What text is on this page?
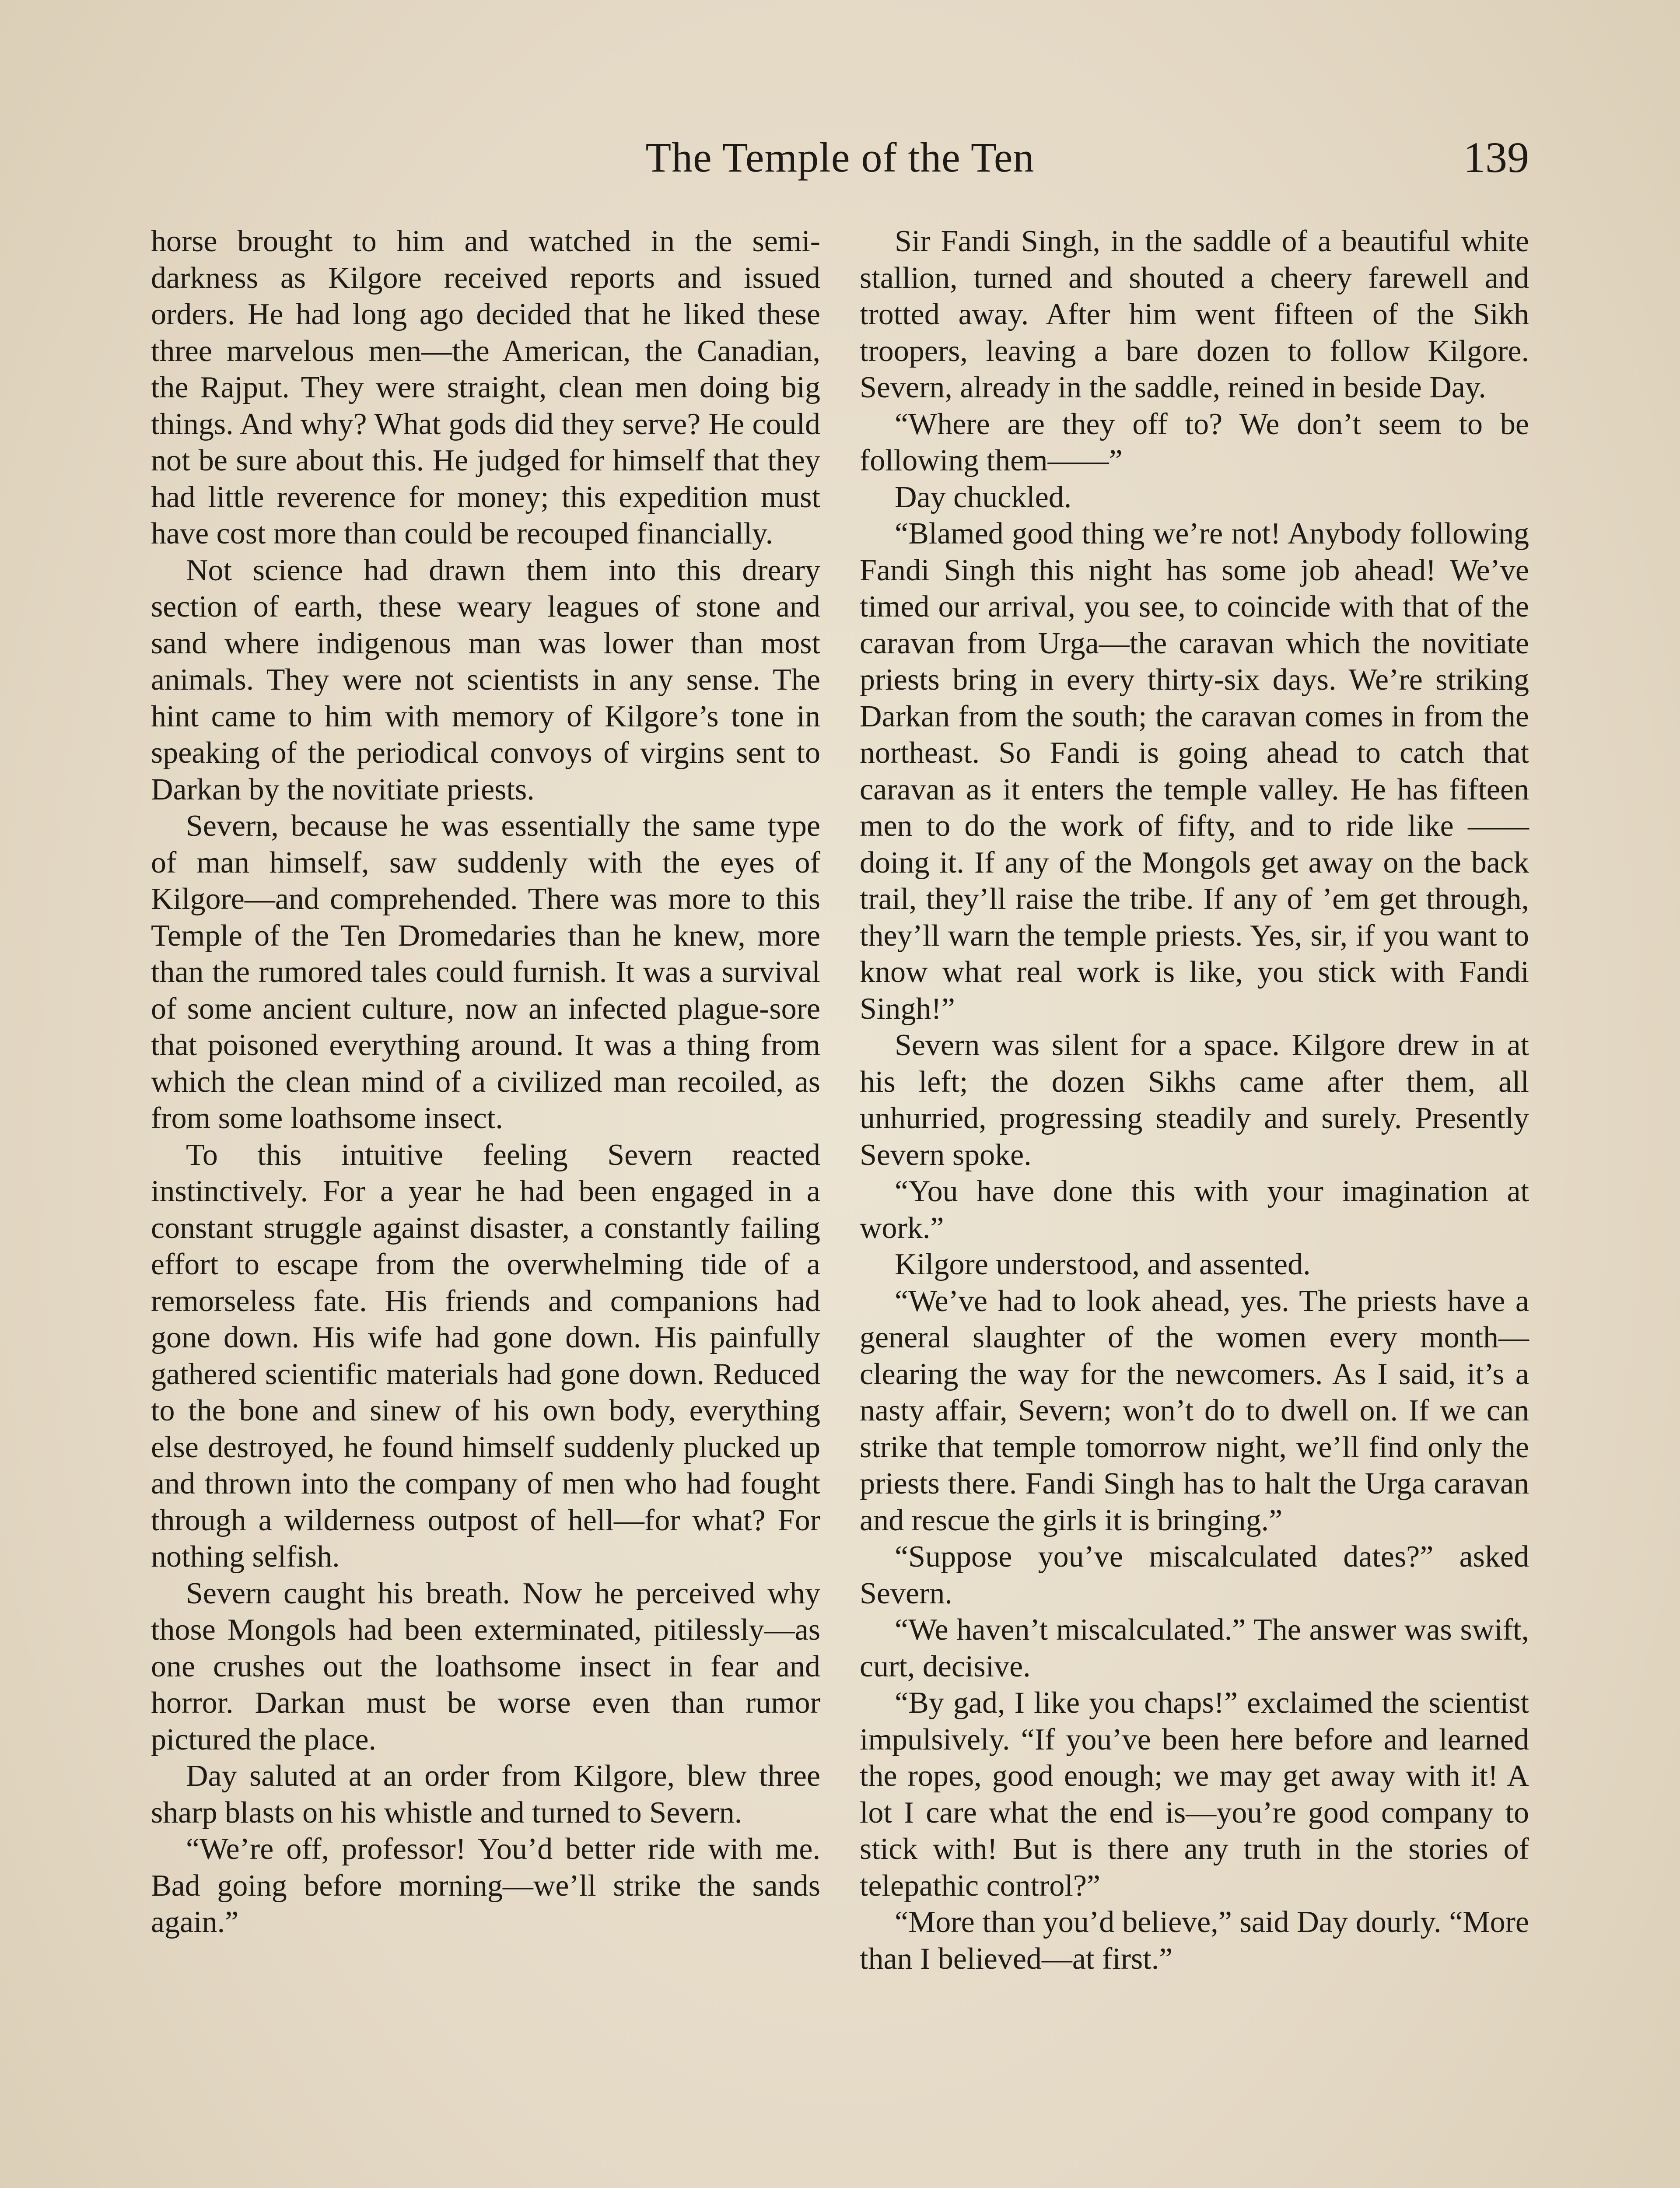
The Temple of the Ten	139

horse brought to him and watched in the semi-darkness as Kilgore received reports and issued orders. He had long ago decided that he liked these three marvelous men—the American, the Canadian, the Rajput. They were straight, clean men doing big things. And why? What gods did they serve? He could not be sure about this. He judged for himself that they had little reverence for money; this expedition must have cost more than could be recouped financially.

Not science had drawn them into this dreary section of earth, these weary leagues of stone and sand where indigenous man was lower than most animals. They were not scientists in any sense. The hint came to him with memory of Kilgore’s tone in speaking of the periodical convoys of virgins sent to Darkan by the novitiate priests.

Severn, because he was essentially the same type of man himself, saw suddenly with the eyes of Kilgore—and comprehended. There was more to this Temple of the Ten Dromedaries than he knew, more than the rumored tales could furnish. It was a survival of some ancient culture, now an infected plague-sore that poisoned everything around. It was a thing from which the clean mind of a civilized man recoiled, as from some loathsome insect.

To this intuitive feeling Severn reacted instinctively. For a year he had been engaged in a constant struggle against disaster, a constantly failing effort to escape from the overwhelming tide of a remorseless fate. His friends and companions had gone down. His wife had gone down. His painfully gathered scientific materials had gone down. Reduced to the bone and sinew of his own body, everything else destroyed, he found himself suddenly plucked up and thrown into the company of men who had fought through a wilderness outpost of hell—for what? For nothing selfish.

Severn caught his breath. Now he perceived why those Mongols had been exterminated, pitilessly—as one crushes out the loathsome insect in fear and horror. Darkan must be worse even than rumor pictured the place.

Day saluted at an order from Kilgore, blew three sharp blasts on his whistle and turned to Severn.

“We’re off, professor! You’d better ride with me. Bad going before morning—we’ll strike the sands again.”

Sir Fandi Singh, in the saddle of a beautiful white stallion, turned and shouted a cheery farewell and trotted away. After him went fifteen of the Sikh troopers, leaving a bare dozen to follow Kilgore. Severn, already in the saddle, reined in beside Day.

“Where are they off to? We don’t seem to be following them——”

Day chuckled.

“Blamed good thing we’re not! Anybody following Fandi Singh this night has some job ahead! We’ve timed our arrival, you see, to coincide with that of the caravan from Urga—the caravan which the novitiate priests bring in every thirty-six days. We’re striking Darkan from the south; the caravan comes in from the northeast. So Fandi is going ahead to catch that caravan as it enters the temple valley. He has fifteen men to do the work of fifty, and to ride like —— doing it. If any of the Mongols get away on the back trail, they’ll raise the tribe. If any of ’em get through, they’ll warn the temple priests. Yes, sir, if you want to know what real work is like, you stick with Fandi Singh!”

Severn was silent for a space. Kilgore drew in at his left; the dozen Sikhs came after them, all unhurried, progressing steadily and surely. Presently Severn spoke.

“You have done this with your imagination at work.”

Kilgore understood, and assented.

“We’ve had to look ahead, yes. The priests have a general slaughter of the women every month—clearing the way for the newcomers. As I said, it’s a nasty affair, Severn; won’t do to dwell on. If we can strike that temple tomorrow night, we’ll find only the priests there. Fandi Singh has to halt the Urga caravan and rescue the girls it is bringing.”

“Suppose you’ve miscalculated dates?” asked Severn.

“We haven’t miscalculated.” The answer was swift, curt, decisive.

“By gad, I like you chaps!” exclaimed the scientist impulsively. “If you’ve been here before and learned the ropes, good enough; we may get away with it! A lot I care what the end is—you’re good company to stick with! But is there any truth in the stories of telepathic control?”

“More than you’d believe,” said Day dourly. “More than I believed—at first.”
